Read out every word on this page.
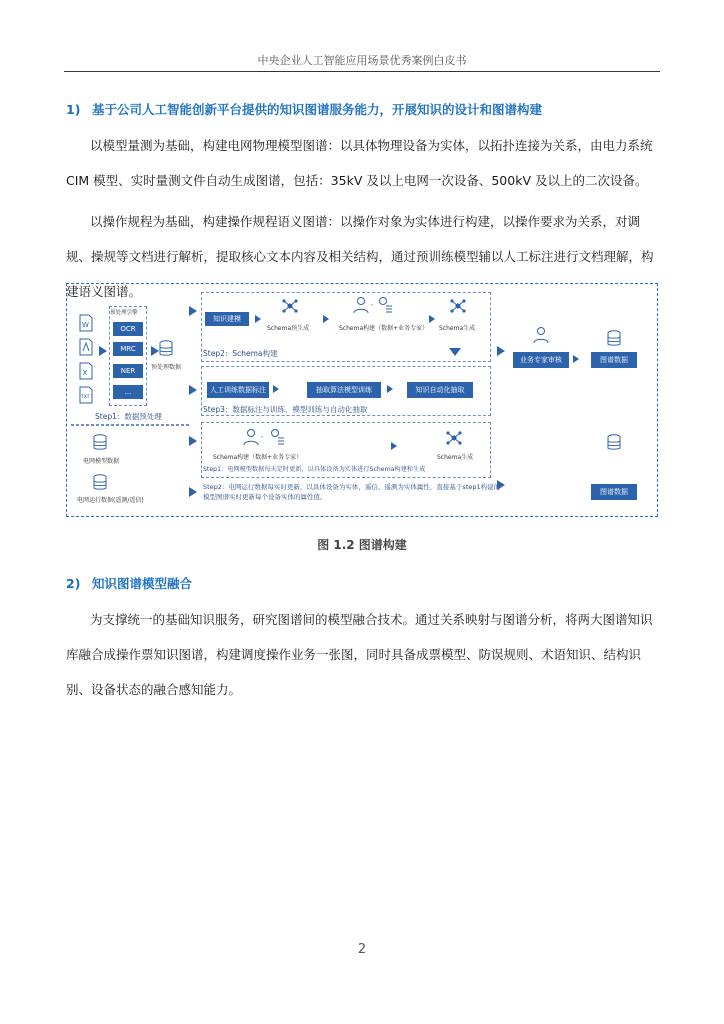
中央企业人工智能应用场景优秀案例白皮书
1) 基于公司人工智能创新平台提供的知识图谱服务能力，开展知识的设计和图谱构建

以模型量测为基础，构建电网物理模型图谱：以具体物理设备为实体，以拓扑连接为关系，由电力系统 CIM 模型、实时量测文件自动生成图谱，包括：35kV 及以上电网一次设备、500kV 及以上的二次设备。

以操作规程为基础，构建操作规程语义图谱：以操作对象为实体进行构建，以操作要求为关系，对调规、操规等文档进行解析，提取核心文本内容及相关结构，通过预训练模型辅以人工标注进行文档理解，构建语义图谱。

W
X
TXT
预处理引擎
OCR
MRC
NER
...
预处理数据
Step1：数据预处理
知识建模
Schema预生成
,
Schema构建（数据+业务专家） Schema生成
Step2：Schema构建
人工训练数据标注	抽取算法模型训练	知识自动化抽取
Step3：数据标注与训练、模型训练与自动化抽取
业务专家审核	图谱数据
电网模型数据
,
Schema构建（数据+业务专家）	Schema生成
Step1：电网模型数据每天定时更新，以具体设备为实体进行Schema构建和生成
电网运行数据(遥测/遥信)
Step2：电网运行数据每实时更新，以具体设备为实体，遥信、遥测为实体属性，直接基于step1构建的模型图谱实时更新每个设备实体的属性值。
图谱数据
图 1.2 图谱构建
2) 知识图谱模型融合

为支撑统一的基础知识服务，研究图谱间的模型融合技术。通过关系映射与图谱分析，将两大图谱知识库融合成操作票知识图谱，构建调度操作业务一张图，同时具备成票模型、防误规则、术语知识、结构识别、设备状态的融合感知能力。

2
